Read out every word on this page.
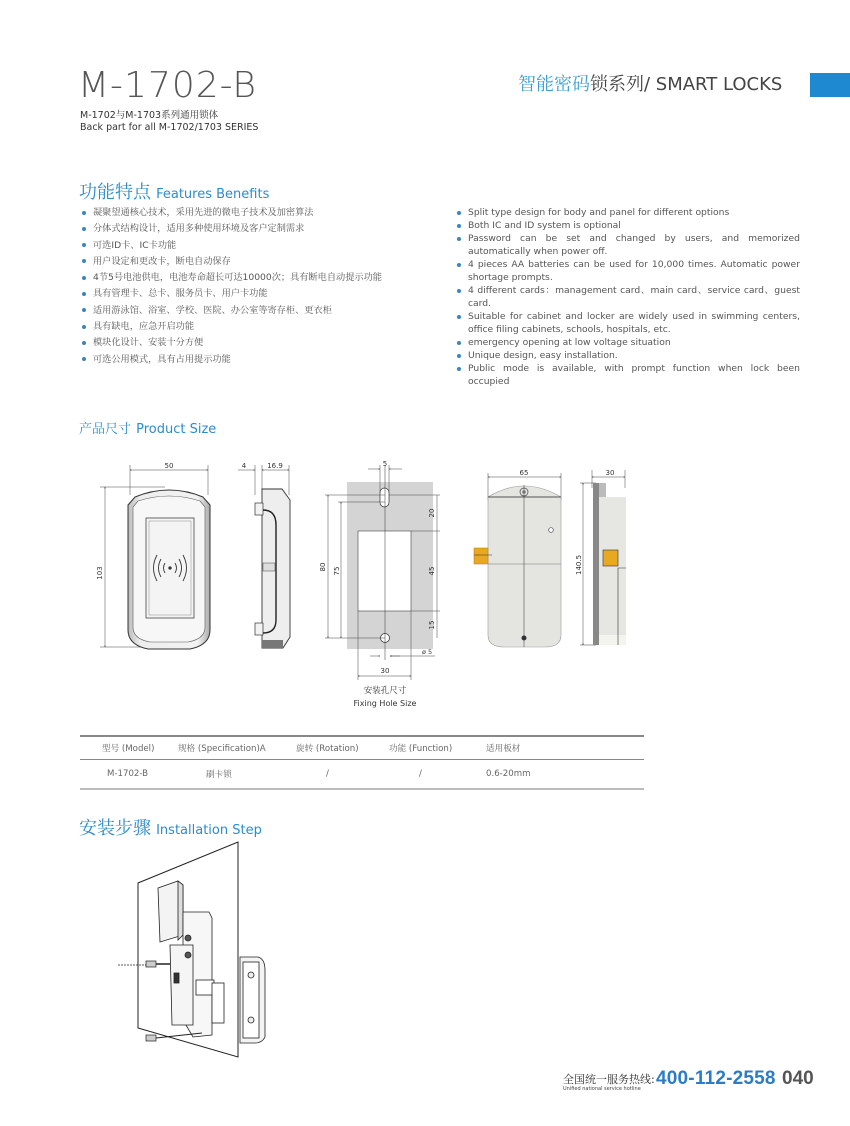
M-1702-B
M-1702与M-1703系列通用锁体
Back part for all M-1702/1703 SERIES
智能密码锁系列/ SMART LOCKS
功能特点 Features Benefits
凝聚望通核心技术，采用先进的微电子技术及加密算法
分体式结构设计，适用多种使用环境及客户定制需求
可选ID卡、IC卡功能
用户设定和更改卡，断电自动保存
4节5号电池供电，电池寿命超长可达10000次；具有断电自动提示功能
具有管理卡、总卡、服务员卡、用户卡功能
适用游泳馆、浴室、学校、医院、办公室等寄存柜、更衣柜
具有缺电，应急开启功能
模块化设计、安装十分方便
可选公用模式，具有占用提示功能
Split type design for body and panel for different options
Both IC and ID system is optional
Password can be set and changed by users, and memorized automatically when power off.
4 pieces AA batteries can be used for 10,000 times. Automatic power shortage prompts.
4 different cards：management card、main card、service card、guest card.
Suitable for cabinet and locker are widely used in swimming centers, office filing cabinets, schools, hospitals, etc.
emergency opening at low voltage situation
Unique design, easy installation.
Public mode is available, with prompt function when lock been occupied
产品尺寸 Product Size
50
103
4	16.9	5
80 75
20
45
15
ø 5
30
65	30
140.5
安装孔尺寸
Fixing Hole Size
型号 (Model)	规格 (Specification)A	旋转 (Rotation)	功能 (Function)	适用板材
M-1702-B	刷卡锁	/	/	0.6-20mm
安装步骤 Installation Step
全国统一服务热线:
Unified national service hotline 400-112-2558 040
